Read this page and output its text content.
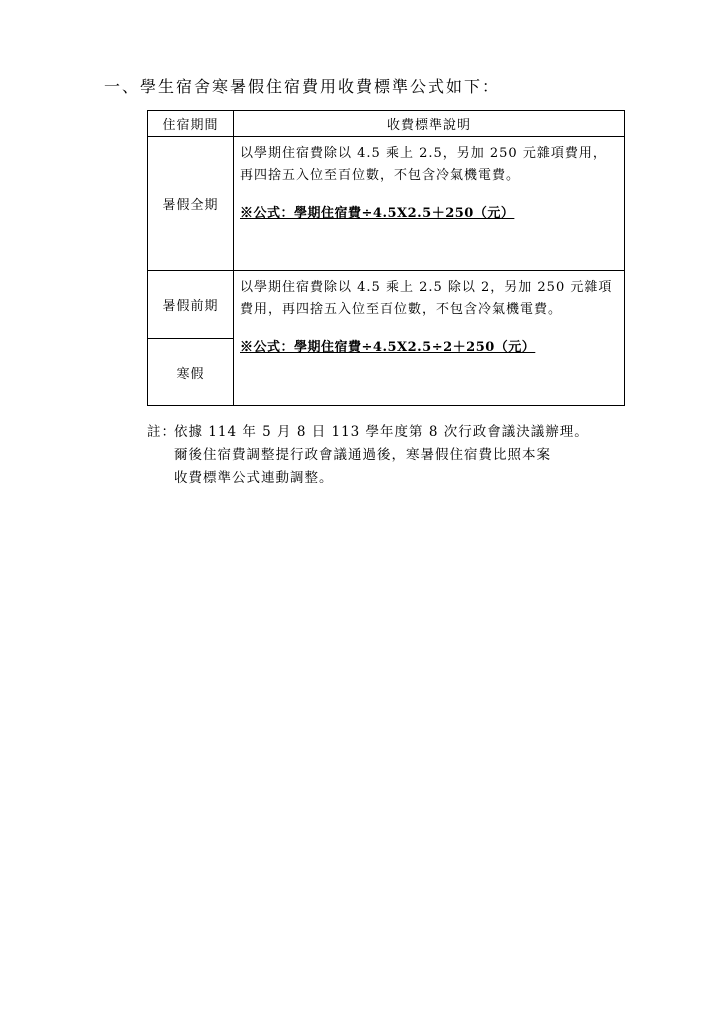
一、學生宿舍寒暑假住宿費用收費標準公式如下：
住宿期間	收費標準說明
暑假全期	以學期住宿費除以 4.5 乘上 2.5，另加 250 元雜項費用，再四捨五入位至百位數，不包含冷氣機電費。
※公式：學期住宿費÷4.5X2.5＋250（元）
暑假前期	以學期住宿費除以 4.5 乘上 2.5 除以 2，另加 250 元雜項費用，再四捨五入位至百位數，不包含冷氣機電費。
※公式：學期住宿費÷4.5X2.5÷2＋250（元）
寒假	
註：依據 114 年 5 月 8 日 113 學年度第 8 次行政會議決議辦理。
爾後住宿費調整提行政會議通過後，寒暑假住宿費比照本案
收費標準公式連動調整。
